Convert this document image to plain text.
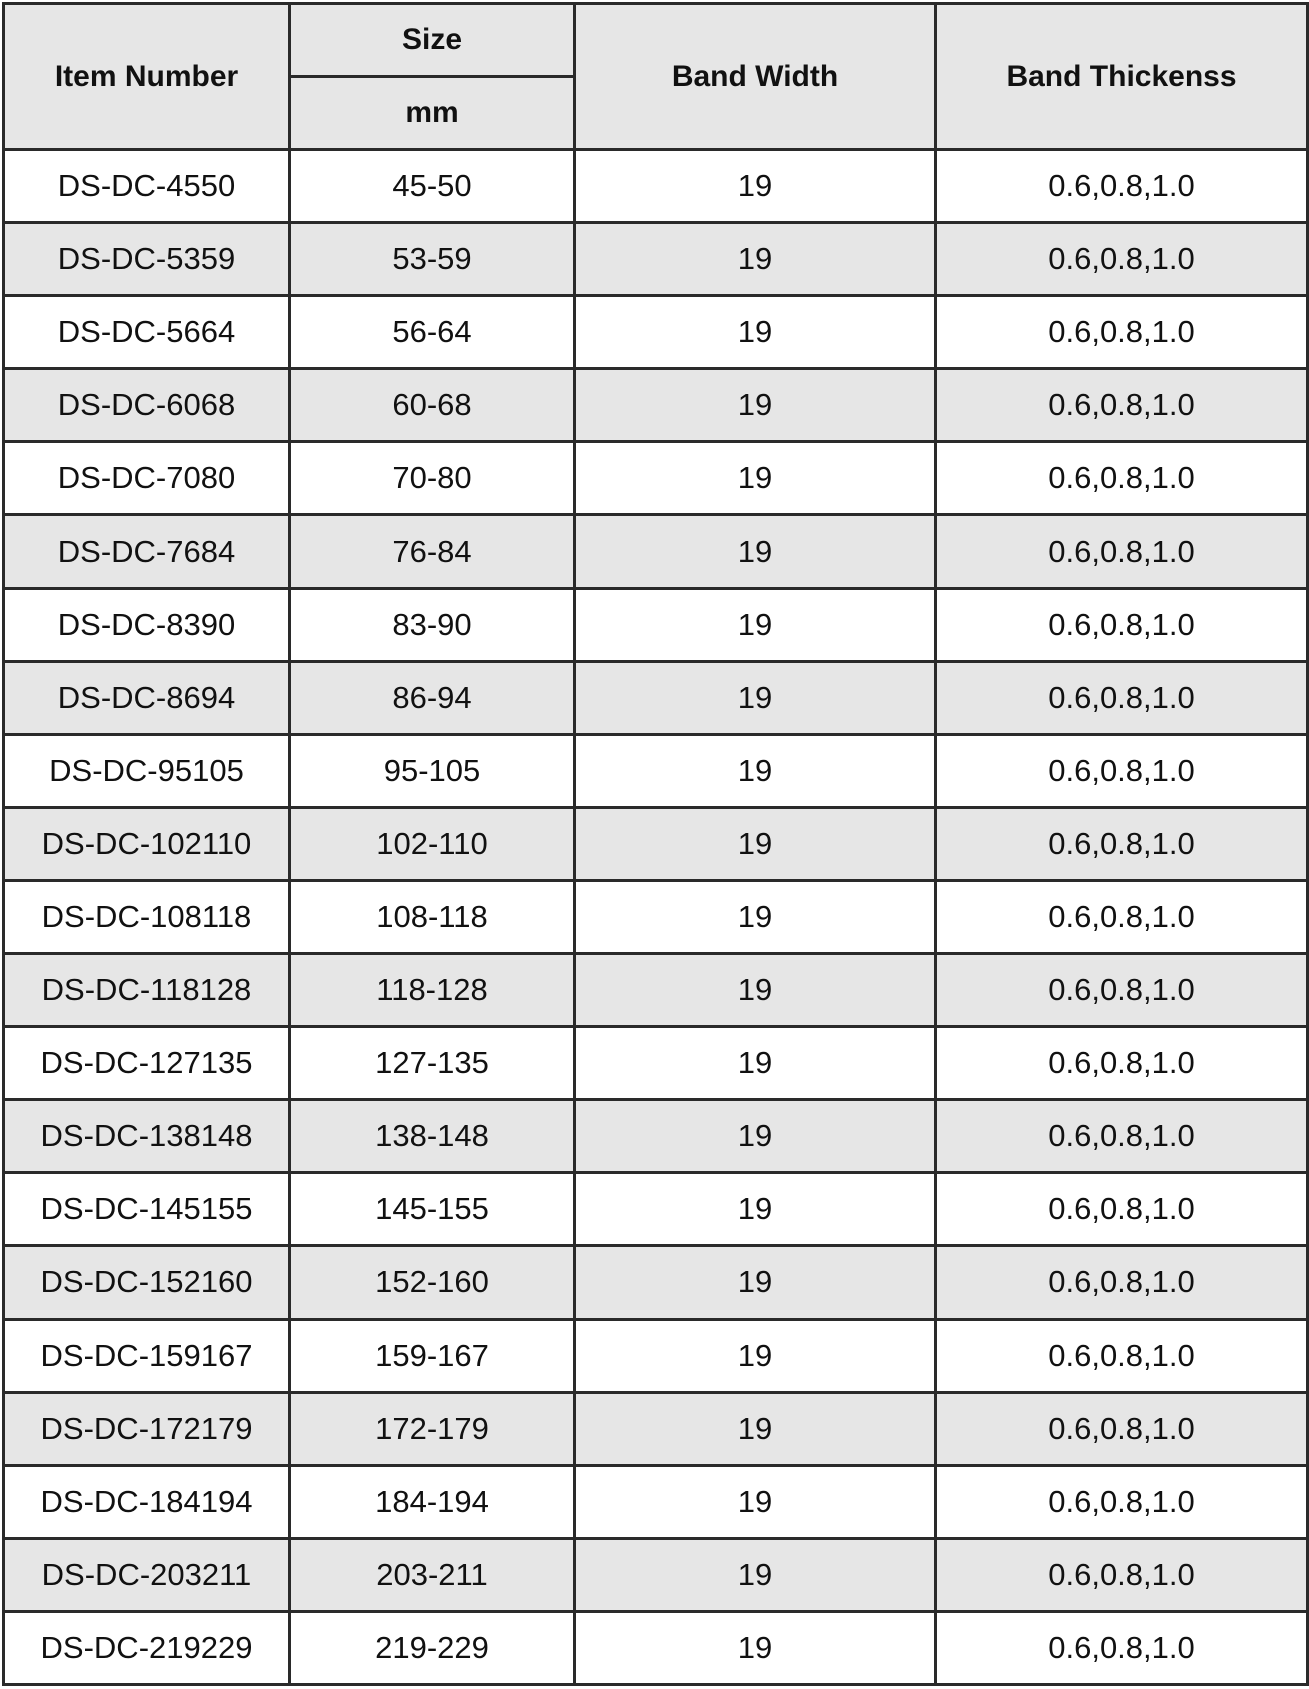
Item Number	Size	Band Width	Band Thickenss
	mm		
DS-DC-4550	45-50	19	0.6,0.8,1.0
DS-DC-5359	53-59	19	0.6,0.8,1.0
DS-DC-5664	56-64	19	0.6,0.8,1.0
DS-DC-6068	60-68	19	0.6,0.8,1.0
DS-DC-7080	70-80	19	0.6,0.8,1.0
DS-DC-7684	76-84	19	0.6,0.8,1.0
DS-DC-8390	83-90	19	0.6,0.8,1.0
DS-DC-8694	86-94	19	0.6,0.8,1.0
DS-DC-95105	95-105	19	0.6,0.8,1.0
DS-DC-102110	102-110	19	0.6,0.8,1.0
DS-DC-108118	108-118	19	0.6,0.8,1.0
DS-DC-118128	118-128	19	0.6,0.8,1.0
DS-DC-127135	127-135	19	0.6,0.8,1.0
DS-DC-138148	138-148	19	0.6,0.8,1.0
DS-DC-145155	145-155	19	0.6,0.8,1.0
DS-DC-152160	152-160	19	0.6,0.8,1.0
DS-DC-159167	159-167	19	0.6,0.8,1.0
DS-DC-172179	172-179	19	0.6,0.8,1.0
DS-DC-184194	184-194	19	0.6,0.8,1.0
DS-DC-203211	203-211	19	0.6,0.8,1.0
DS-DC-219229	219-229	19	0.6,0.8,1.0
